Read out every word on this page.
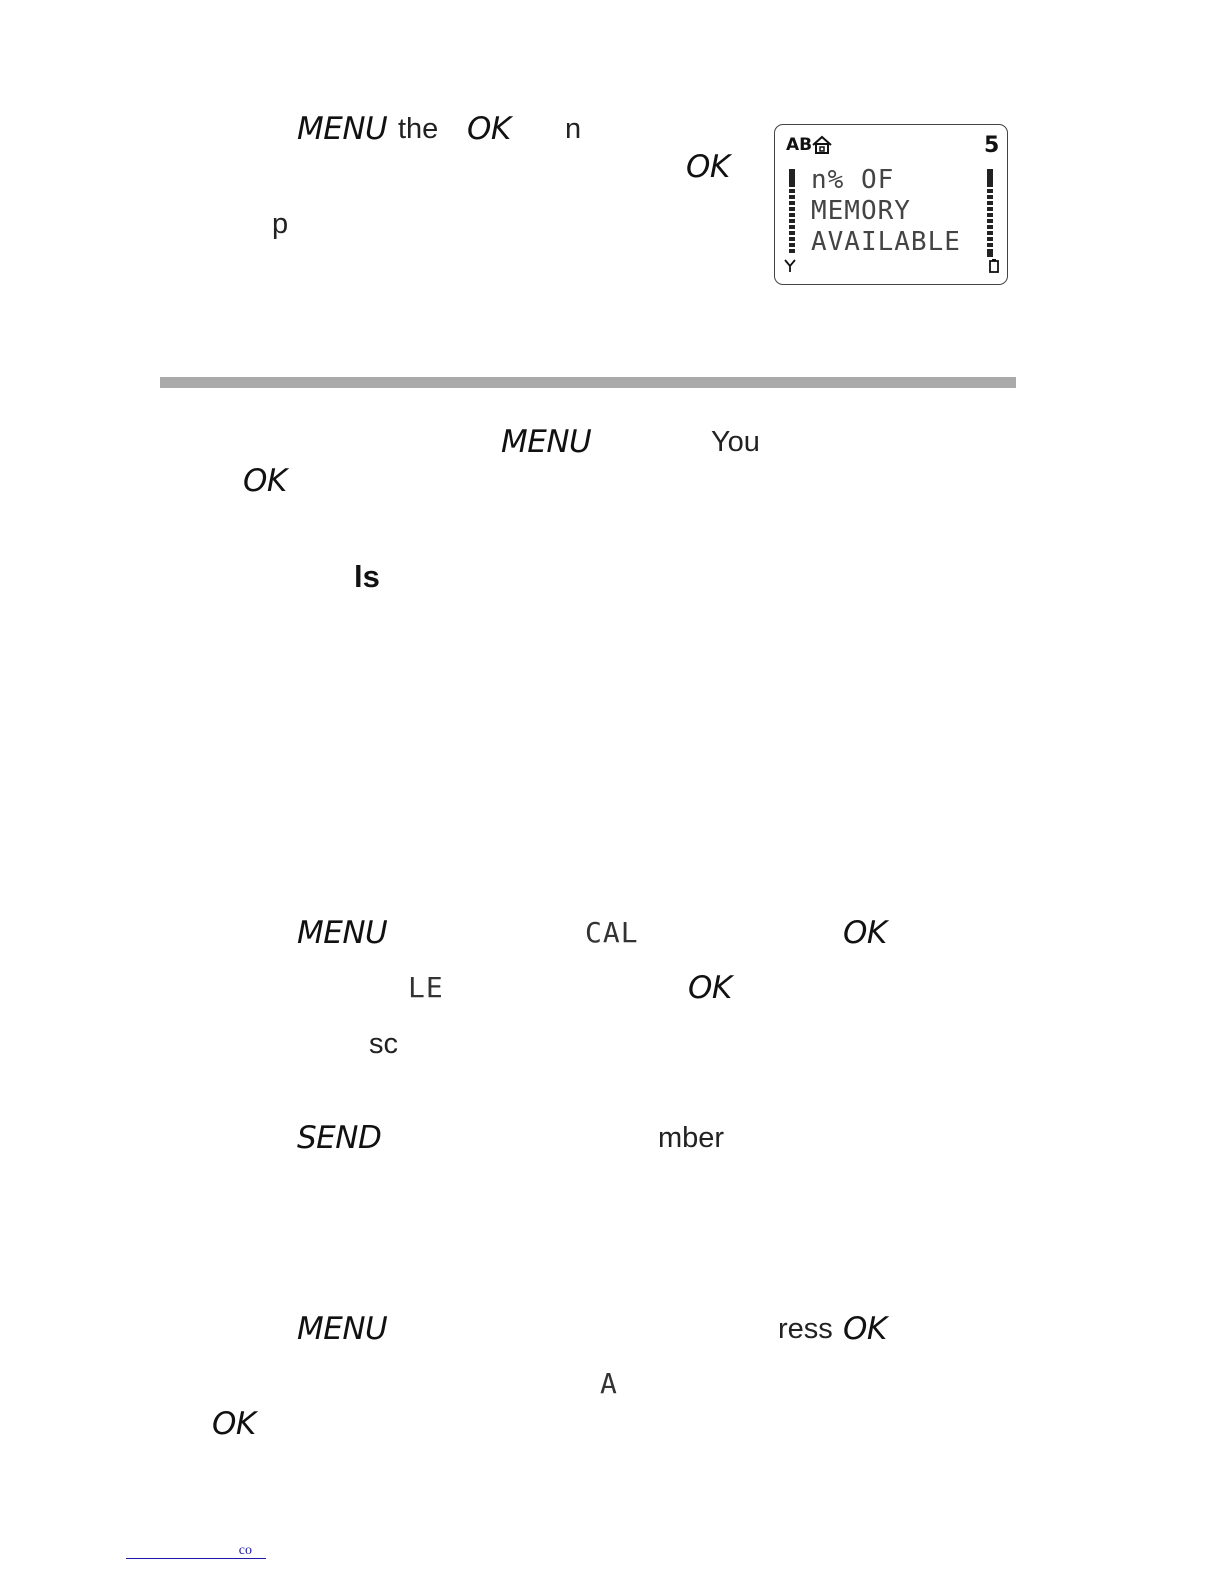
MENU the OK n
OK
p
AB	5
n% OF
MEMORY
AVAILABLE
MENU	You
OK
ls
MENU	CAL	OK
LE	OK
sc
SEND	mber
MENU	ress OK
A
OK
co
